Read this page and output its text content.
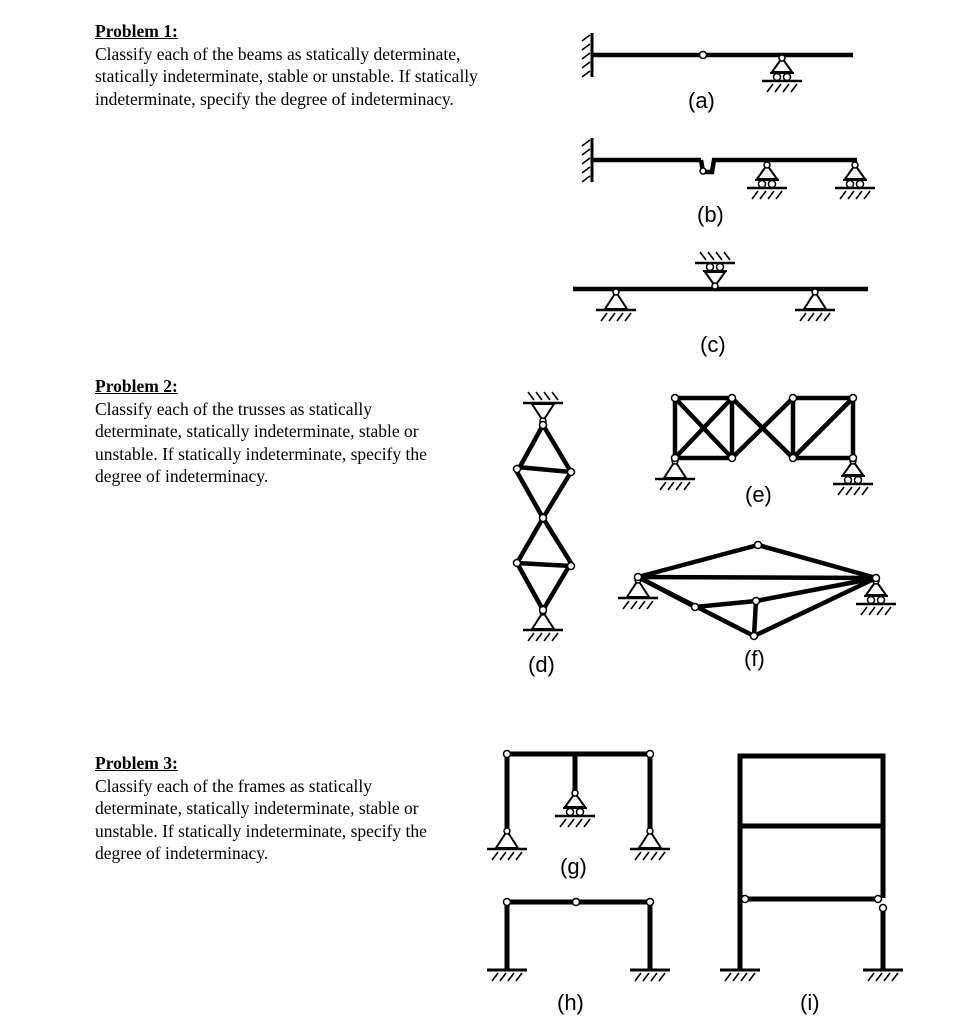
Problem 1:
Classify each of the beams as statically determinate,
statically indeterminate, stable or unstable. If statically
indeterminate, specify the degree of indeterminacy.
Problem 2:
Classify each of the trusses as statically
determinate, statically indeterminate, stable or
unstable. If statically indeterminate, specify the
degree of indeterminacy.
Problem 3:
Classify each of the frames as statically
determinate, statically indeterminate, stable or
unstable. If statically indeterminate, specify the
degree of indeterminacy.
(a)
(b)
(c)
(d)
(e)
(f)
(g)
(h)	(i)
